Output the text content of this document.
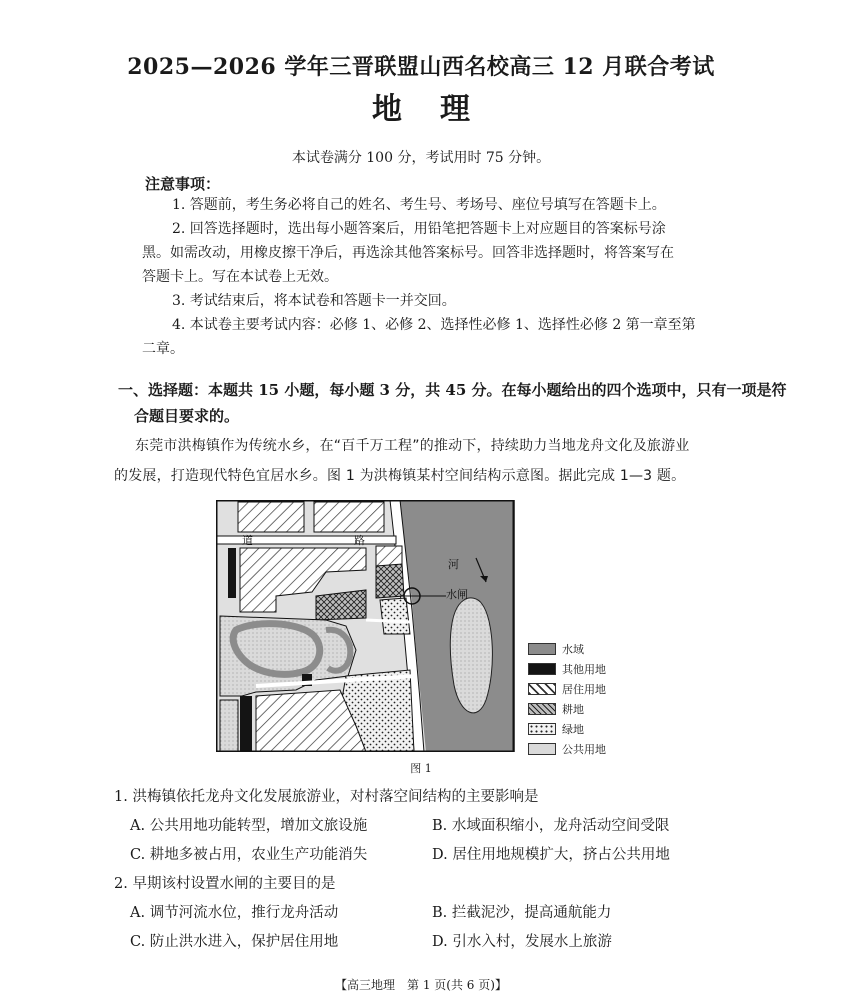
2025—2026 学年三晋联盟山西名校高三 12 月联合考试
地理
本试卷满分 100 分，考试用时 75 分钟。
注意事项：
1. 答题前，考生务必将自己的姓名、考生号、考场号、座位号填写在答题卡上。
2. 回答选择题时，选出每小题答案后，用铅笔把答题卡上对应题目的答案标号涂
黑。如需改动，用橡皮擦干净后，再选涂其他答案标号。回答非选择题时，将答案写在
答题卡上。写在本试卷上无效。
3. 考试结束后，将本试卷和答题卡一并交回。
4. 本试卷主要考试内容：必修 1、必修 2、选择性必修 1、选择性必修 2 第一章至第
二章。
一、选择题：本题共 15 小题，每小题 3 分，共 45 分。在每小题给出的四个选项中，只有一项是符
合题目要求的。
东莞市洪梅镇作为传统水乡，在“百千万工程”的推动下，持续助力当地龙舟文化及旅游业
的发展，打造现代特色宜居水乡。图 1 为洪梅镇某村空间结构示意图。据此完成 1—3 题。
道	路
河
水闸
水域
其他用地
居住用地
耕地
绿地
公共用地
图 1
1. 洪梅镇依托龙舟文化发展旅游业，对村落空间结构的主要影响是
A. 公共用地功能转型，增加文旅设施	B. 水域面积缩小，龙舟活动空间受限
C. 耕地多被占用，农业生产功能消失	D. 居住用地规模扩大，挤占公共用地
2. 早期该村设置水闸的主要目的是
A. 调节河流水位，推行龙舟活动	B. 拦截泥沙，提高通航能力
C. 防止洪水进入，保护居住用地	D. 引水入村，发展水上旅游
【高三地理　第 1 页(共 6 页)】
